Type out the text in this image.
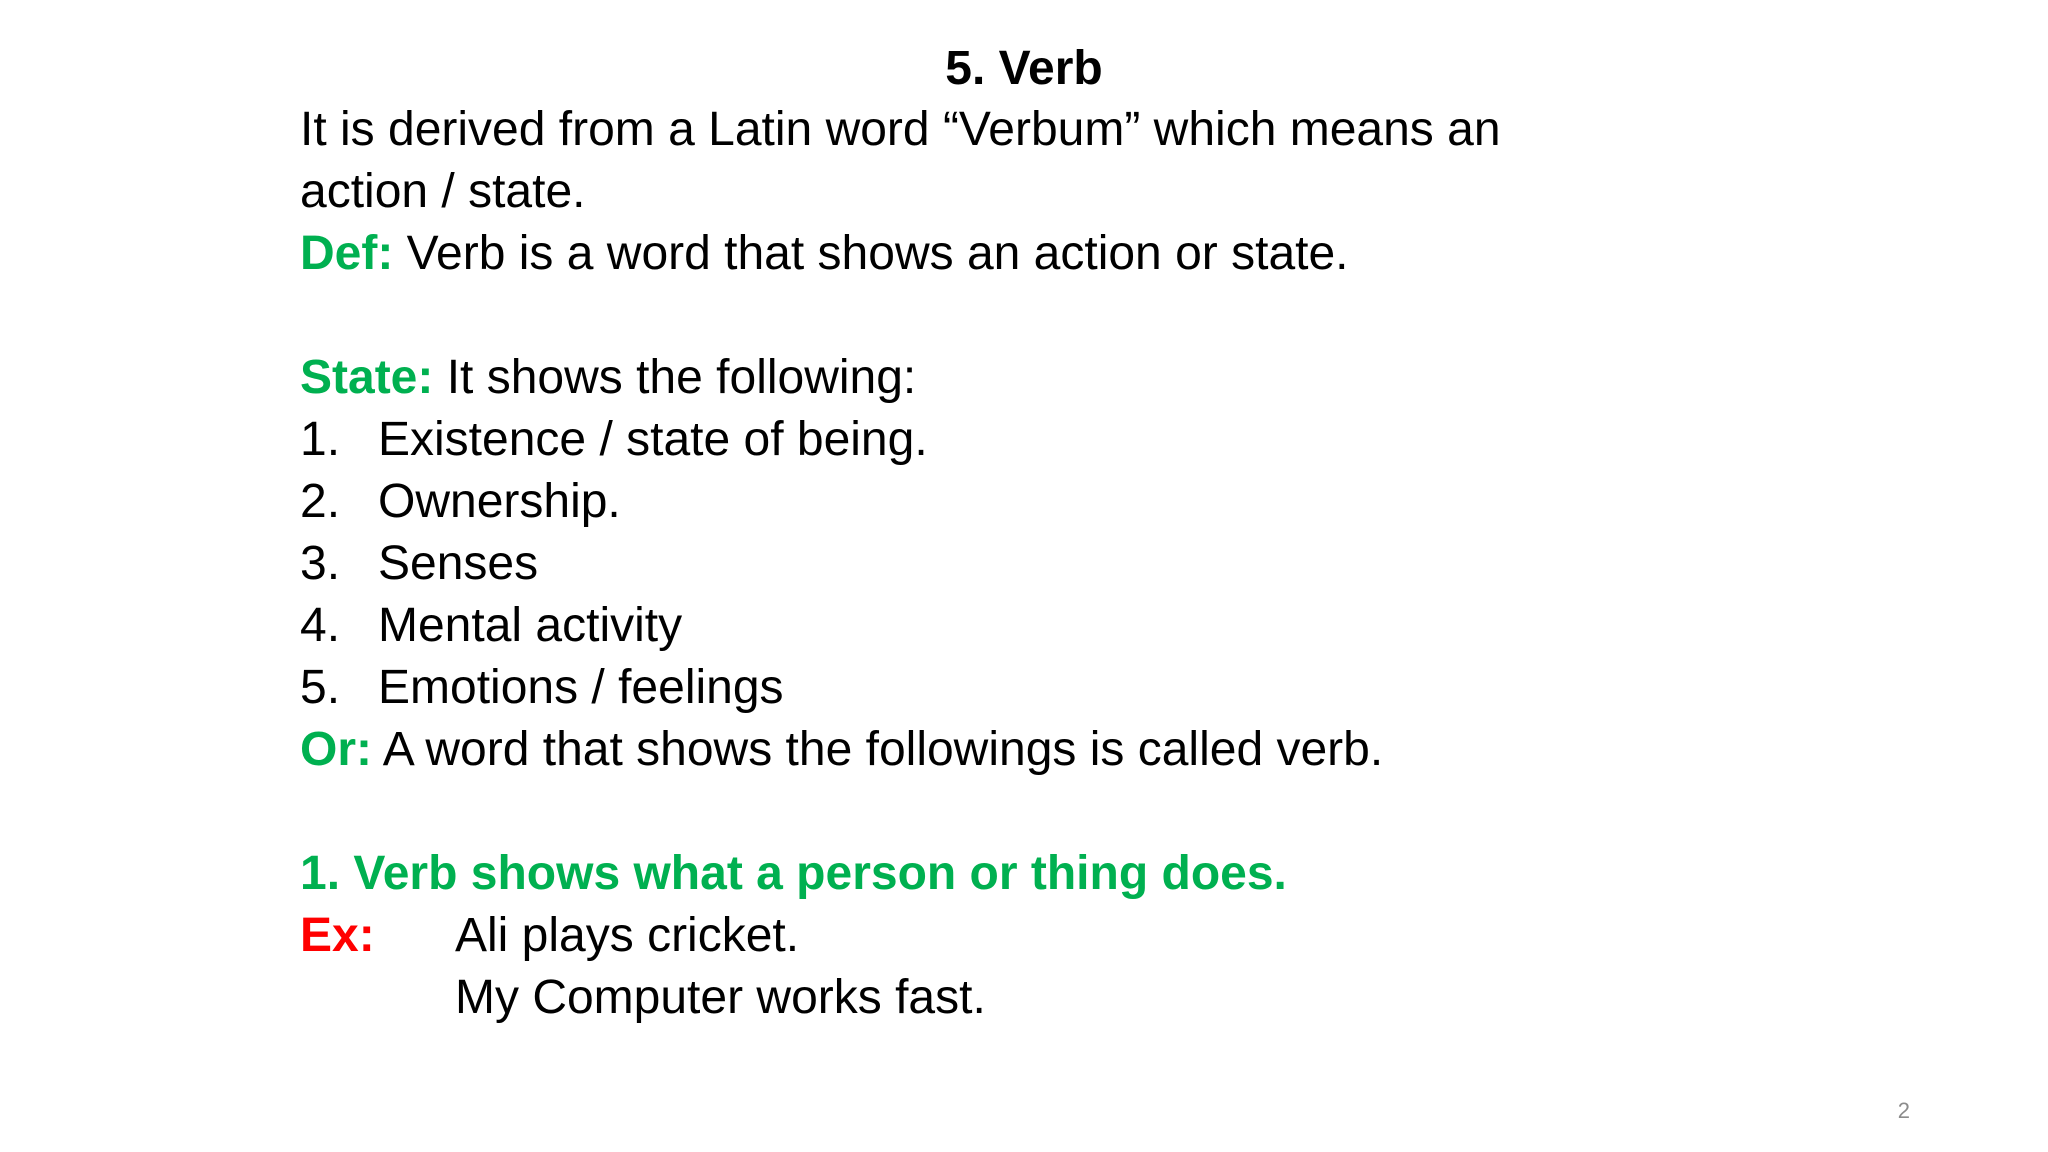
5. Verb
It is derived from a Latin word “Verbum” which means an
action / state.
Def: Verb is a word that shows an action or state.
State: It shows the following:
1. Existence / state of being.
2. Ownership.
3. Senses
4. Mental activity
5. Emotions / feelings
Or: A word that shows the followings is called verb.
1. Verb shows what a person or thing does.
Ex: Ali plays cricket.
My Computer works fast.
2
